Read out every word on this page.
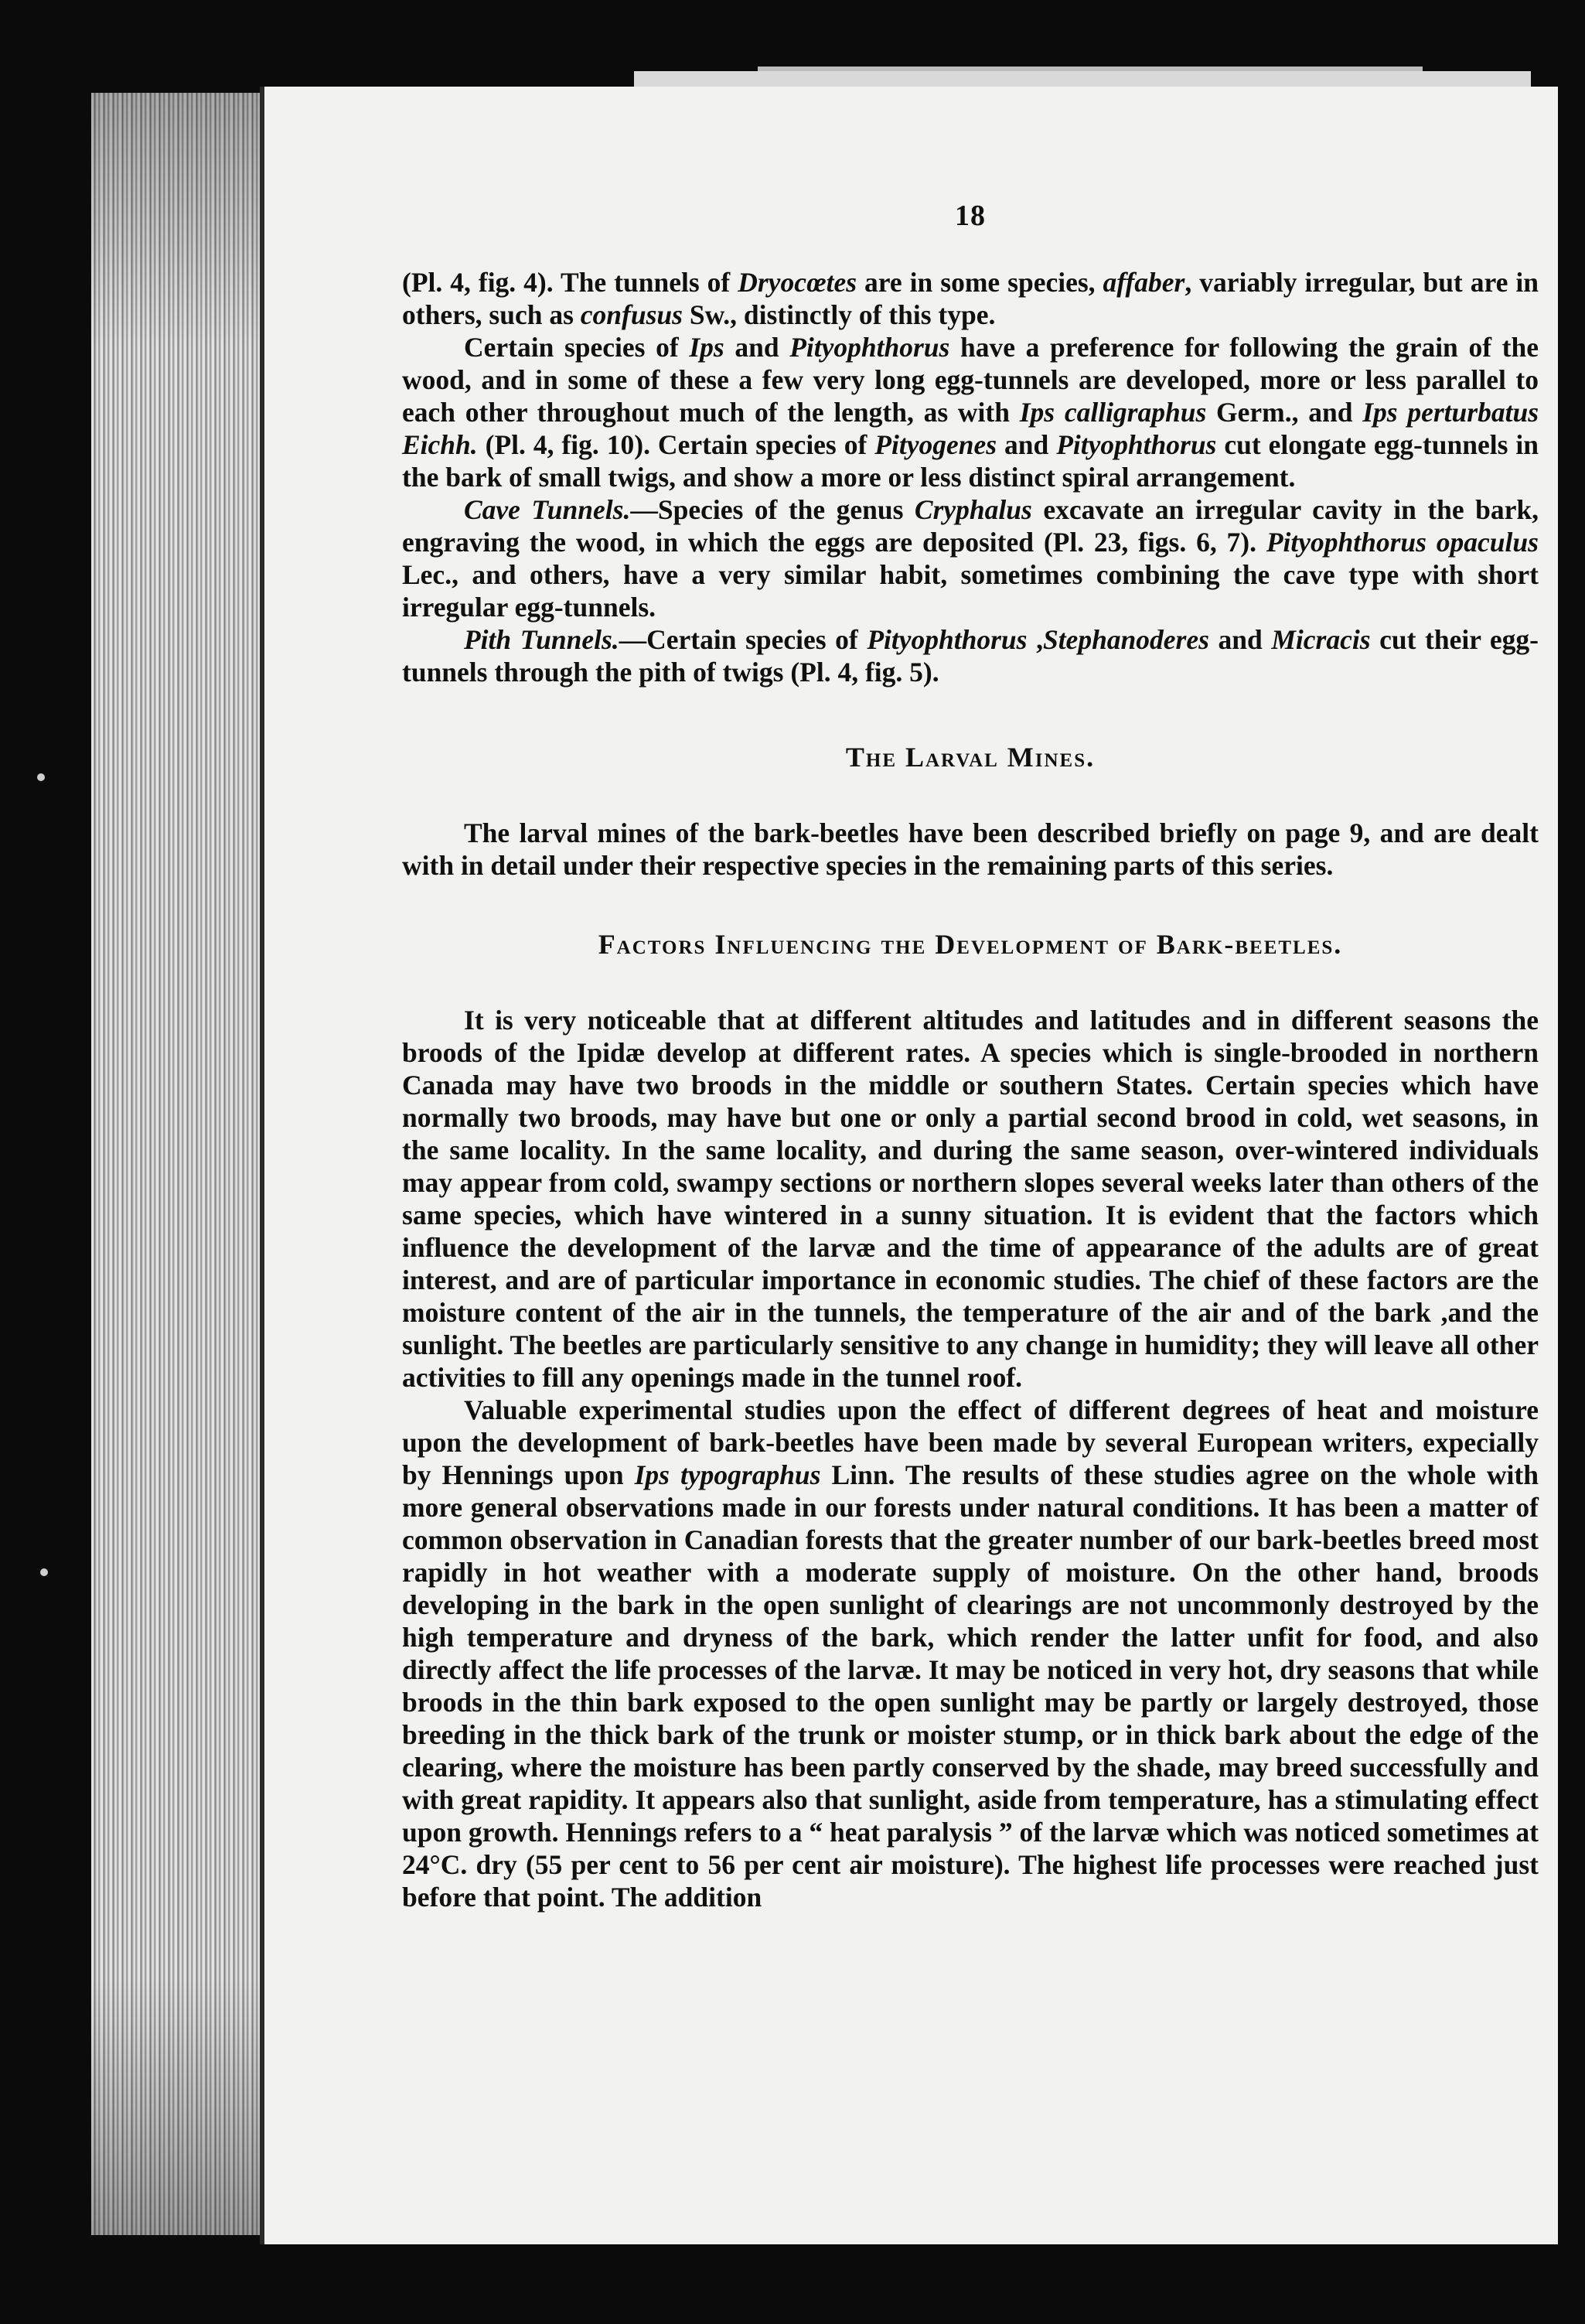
18

(Pl. 4, fig. 4). The tunnels of Dryocœtes are in some species, affaber, variably irregular, but are in others, such as confusus Sw., distinctly of this type.

Certain species of Ips and Pityophthorus have a preference for following the grain of the wood, and in some of these a few very long egg-tunnels are developed, more or less parallel to each other throughout much of the length, as with Ips calligraphus Germ., and Ips perturbatus Eichh. (Pl. 4, fig. 10). Certain species of Pityogenes and Pityophthorus cut elongate egg-tunnels in the bark of small twigs, and show a more or less distinct spiral arrangement.

Cave Tunnels.—Species of the genus Cryphalus excavate an irregular cavity in the bark, engraving the wood, in which the eggs are deposited (Pl. 23, figs. 6, 7). Pityophthorus opaculus Lec., and others, have a very similar habit, sometimes combining the cave type with short irregular egg-tunnels.

Pith Tunnels.—Certain species of Pityophthorus ,Stephanoderes and Micracis cut their egg-tunnels through the pith of twigs (Pl. 4, fig. 5).

The Larval Mines.

The larval mines of the bark-beetles have been described briefly on page 9, and are dealt with in detail under their respective species in the remaining parts of this series.

Factors Influencing the Development of Bark-beetles.

It is very noticeable that at different altitudes and latitudes and in different seasons the broods of the Ipidæ develop at different rates. A species which is single-brooded in northern Canada may have two broods in the middle or southern States. Certain species which have normally two broods, may have but one or only a partial second brood in cold, wet seasons, in the same locality. In the same locality, and during the same season, over-wintered individuals may appear from cold, swampy sections or northern slopes several weeks later than others of the same species, which have wintered in a sunny situation. It is evident that the factors which influence the development of the larvæ and the time of appearance of the adults are of great interest, and are of particular importance in economic studies. The chief of these factors are the moisture content of the air in the tunnels, the temperature of the air and of the bark ,and the sunlight. The beetles are particularly sensitive to any change in humidity; they will leave all other activities to fill any openings made in the tunnel roof.

Valuable experimental studies upon the effect of different degrees of heat and moisture upon the development of bark-beetles have been made by several European writers, expecially by Hennings upon Ips typographus Linn. The results of these studies agree on the whole with more general observations made in our forests under natural conditions. It has been a matter of common observation in Canadian forests that the greater number of our bark-beetles breed most rapidly in hot weather with a moderate supply of moisture. On the other hand, broods developing in the bark in the open sunlight of clearings are not uncommonly destroyed by the high temperature and dryness of the bark, which render the latter unfit for food, and also directly affect the life processes of the larvæ. It may be noticed in very hot, dry seasons that while broods in the thin bark exposed to the open sunlight may be partly or largely destroyed, those breeding in the thick bark of the trunk or moister stump, or in thick bark about the edge of the clearing, where the moisture has been partly conserved by the shade, may breed successfully and with great rapidity. It appears also that sunlight, aside from temperature, has a stimulating effect upon growth. Hennings refers to a “ heat paralysis ” of the larvæ which was noticed sometimes at 24°C. dry (55 per cent to 56 per cent air moisture). The highest life processes were reached just before that point. The addition
